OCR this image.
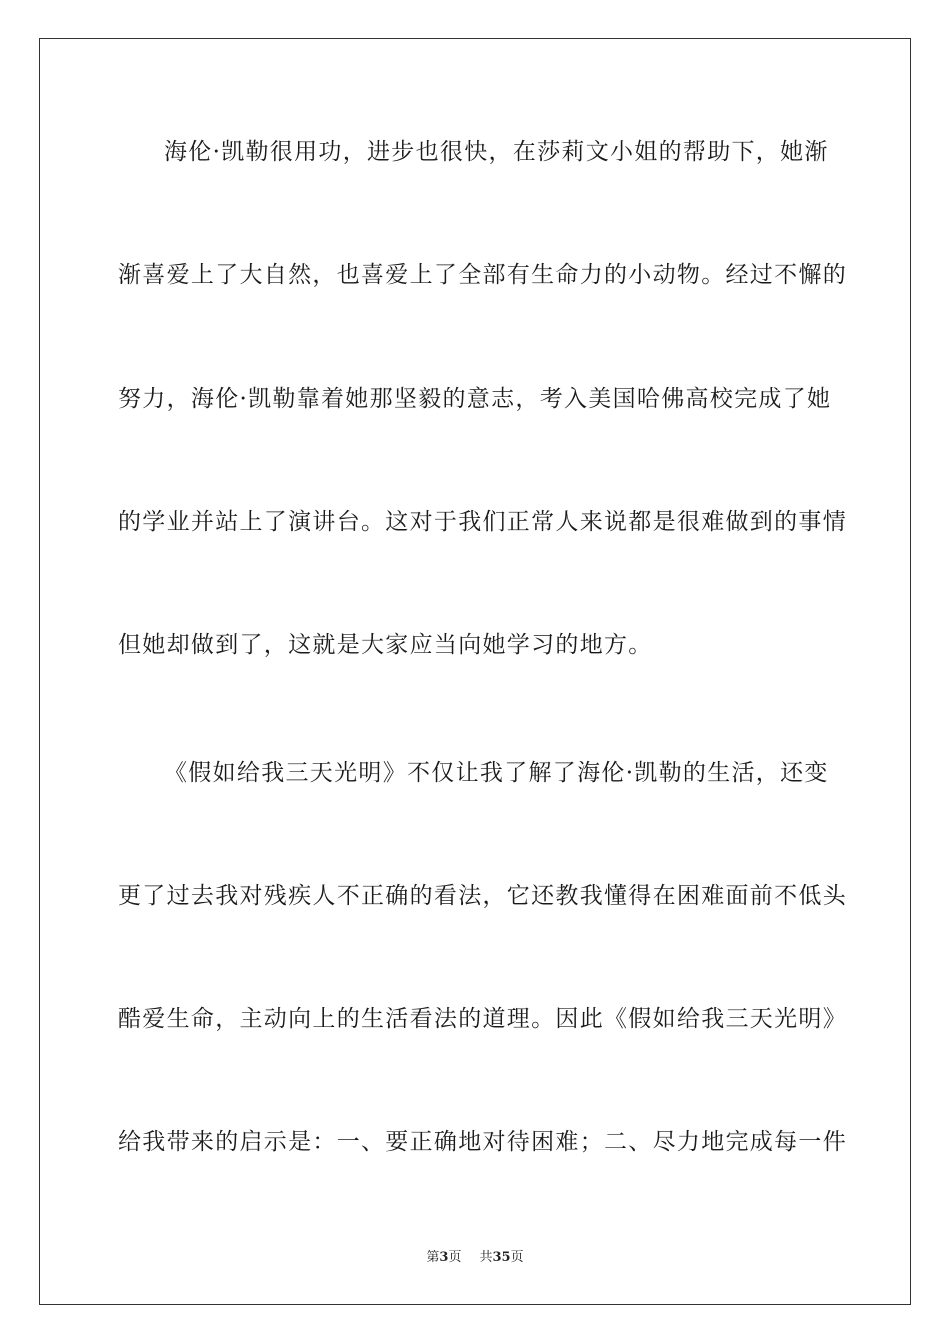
海伦·凯勒很用功，进步也很快，在莎莉文小姐的帮助下，她渐
渐喜爱上了大自然，也喜爱上了全部有生命力的小动物。经过不懈的
努力，海伦·凯勒靠着她那坚毅的意志，考入美国哈佛高校完成了她
的学业并站上了演讲台。这对于我们正常人来说都是很难做到的事情
但她却做到了，这就是大家应当向她学习的地方。
《假如给我三天光明》不仅让我了解了海伦·凯勒的生活，还变
更了过去我对残疾人不正确的看法，它还教我懂得在困难面前不低头
酷爱生命，主动向上的生活看法的道理。因此《假如给我三天光明》
给我带来的启示是：一、要正确地对待困难；二、尽力地完成每一件
第3页 共35页
